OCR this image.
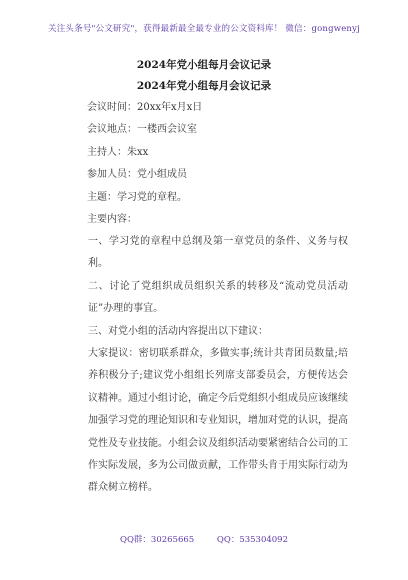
关注头条号"公文研究"，获得最新最全最专业的公文资料库！ 微信：gongwenyj
2024年党小组每月会议记录
2024年党小组每月会议记录
会议时间：20xx年x月x日
会议地点：一楼西会议室
主持人：朱xx
参加人员：党小组成员
主题：学习党的章程。
主要内容：
一、学习党的章程中总纲及第一章党员的条件、义务与权利。
二、讨论了党组织成员组织关系的转移及“流动党员活动证”办理的事宜。
三、对党小组的活动内容提出以下建议：
大家提议：密切联系群众，多做实事;统计共青团员数量;培养积极分子;建议党小组组长列席支部委员会，方便传达会议精神。通过小组讨论，确定今后党组织小组成员应该继续加强学习党的理论知识和专业知识，增加对党的认识，提高党性及专业技能。小组会议及组织活动要紧密结合公司的工作实际发展，多为公司做贡献，工作带头肯于用实际行动为群众树立榜样。
QQ群：30265665	QQ：535304092
